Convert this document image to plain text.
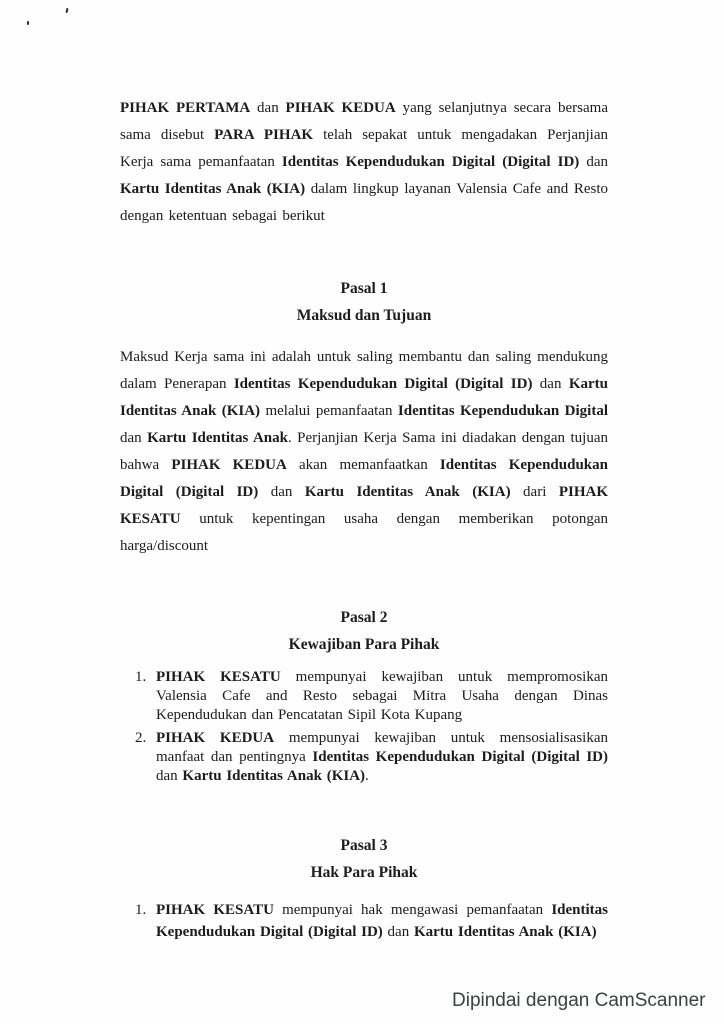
PIHAK PERTAMA dan PIHAK KEDUA yang selanjutnya secara bersama sama disebut PARA PIHAK telah sepakat untuk mengadakan Perjanjian Kerja sama pemanfaatan Identitas Kependudukan Digital (Digital ID) dan Kartu Identitas Anak (KIA) dalam lingkup layanan Valensia Cafe and Resto dengan ketentuan sebagai berikut

Pasal 1
Maksud dan Tujuan

Maksud Kerja sama ini adalah untuk saling membantu dan saling mendukung dalam Penerapan Identitas Kependudukan Digital (Digital ID) dan Kartu Identitas Anak (KIA) melalui pemanfaatan Identitas Kependudukan Digital dan Kartu Identitas Anak. Perjanjian Kerja Sama ini diadakan dengan tujuan bahwa PIHAK KEDUA akan memanfaatkan Identitas Kependudukan Digital (Digital ID) dan Kartu Identitas Anak (KIA) dari PIHAK KESATU untuk kepentingan usaha dengan memberikan potongan harga/discount

Pasal 2
Kewajiban Para Pihak
1. PIHAK KESATU mempunyai kewajiban untuk mempromosikan Valensia Cafe and Resto sebagai Mitra Usaha dengan Dinas Kependudukan dan Pencatatan Sipil Kota Kupang
2. PIHAK KEDUA mempunyai kewajiban untuk mensosialisasikan manfaat dan pentingnya Identitas Kependudukan Digital (Digital ID) dan Kartu Identitas Anak (KIA).
Pasal 3
Hak Para Pihak
1. PIHAK KESATU mempunyai hak mengawasi pemanfaatan Identitas Kependudukan Digital (Digital ID) dan Kartu Identitas Anak (KIA)
Dipindai dengan CamScanner
